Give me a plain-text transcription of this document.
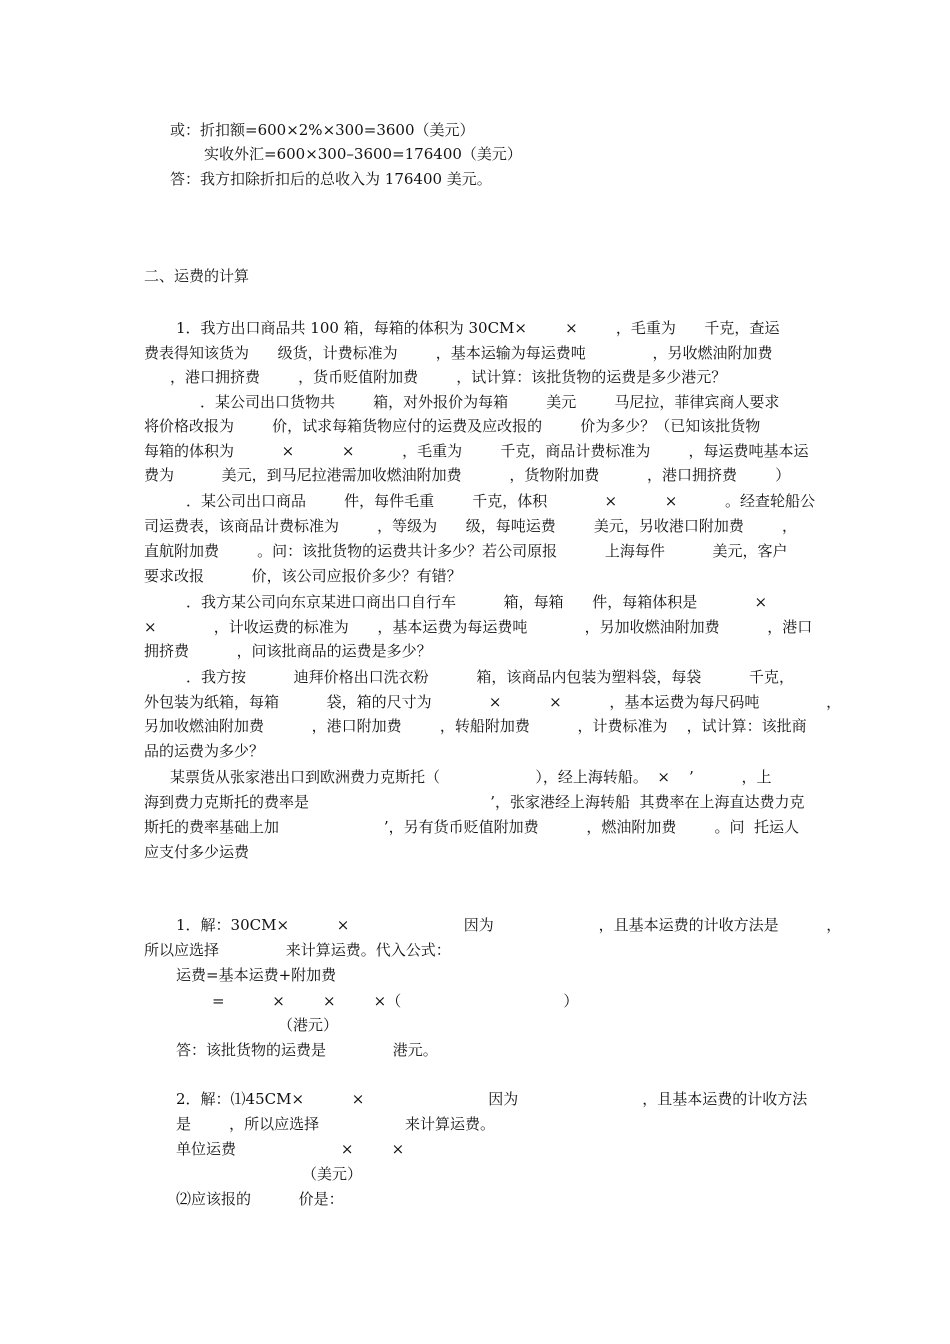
或：折扣额=600×2%×300=3600（美元）
实收外汇=600×300–3600=176400（美元）
答：我方扣除折扣后的总收入为 176400 美元。
二、运费的计算
1．我方出口商品共 100 箱，每箱的体积为 30CM×        ×        ，毛重为      千克，查运
费表得知该货为      级货，计费标准为        ，基本运输为每运费吨              ，另收燃油附加费
，港口拥挤费        ，货币贬值附加费        ，试计算：该批货物的运费是多少港元？
．某公司出口货物共        箱，对外报价为每箱        美元        马尼拉，菲律宾商人要求
将价格改报为        价，试求每箱货物应付的运费及应改报的        价为多少？（已知该批货物
每箱的体积为          ×          ×          ，毛重为        千克，商品计费标准为        ，每运费吨基本运
费为          美元，到马尼拉港需加收燃油附加费          ，货物附加费          ，港口拥挤费        ）
．某公司出口商品        件，每件毛重        千克，体积            ×          ×          。经查轮船公
司运费表，该商品计费标准为        ，等级为      级，每吨运费        美元，另收港口附加费        ，
直航附加费        。问：该批货物的运费共计多少？若公司原报          上海每件          美元，客户
要求改报          价，该公司应报价多少？有错？
．我方某公司向东京某进口商出口自行车          箱，每箱      件，每箱体积是            ×
×            ，计收运费的标准为      ，基本运费为每运费吨            ，另加收燃油附加费          ，港口
拥挤费          ，问该批商品的运费是多少？
．我方按          迪拜价格出口洗衣粉          箱，该商品内包装为塑料袋，每袋          千克，
外包装为纸箱，每箱          袋，箱的尺寸为            ×          ×          ，基本运费为每尺码吨              ，
另加收燃油附加费          ，港口附加费        ，转船附加费          ，计费标准为    ，试计算：该批商
品的运费为多少？
某票货从张家港出口到欧洲费力克斯托（                    ），经上海转船。  ×    ’          ，上
海到费力克斯托的费率是                                      ’，张家港经上海转船  其费率在上海直达费力克
斯托的费率基础上加                      ’，另有货币贬值附加费          ，燃油附加费        。问  托运人
应支付多少运费
1．解：30CM×          ×                        因为                      ，且基本运费的计收方法是          ，
所以应选择              来计算运费。代入公式：
运费=基本运费+附加费
=          ×        ×        ×（                                  ）
（港元）
答：该批货物的运费是              港元。
2．解：⑴45CM×          ×                          因为                          ，且基本运费的计收方法
是        ，所以应选择                  来计算运费。
单位运费                      ×        ×
（美元）
⑵应该报的          价是：
